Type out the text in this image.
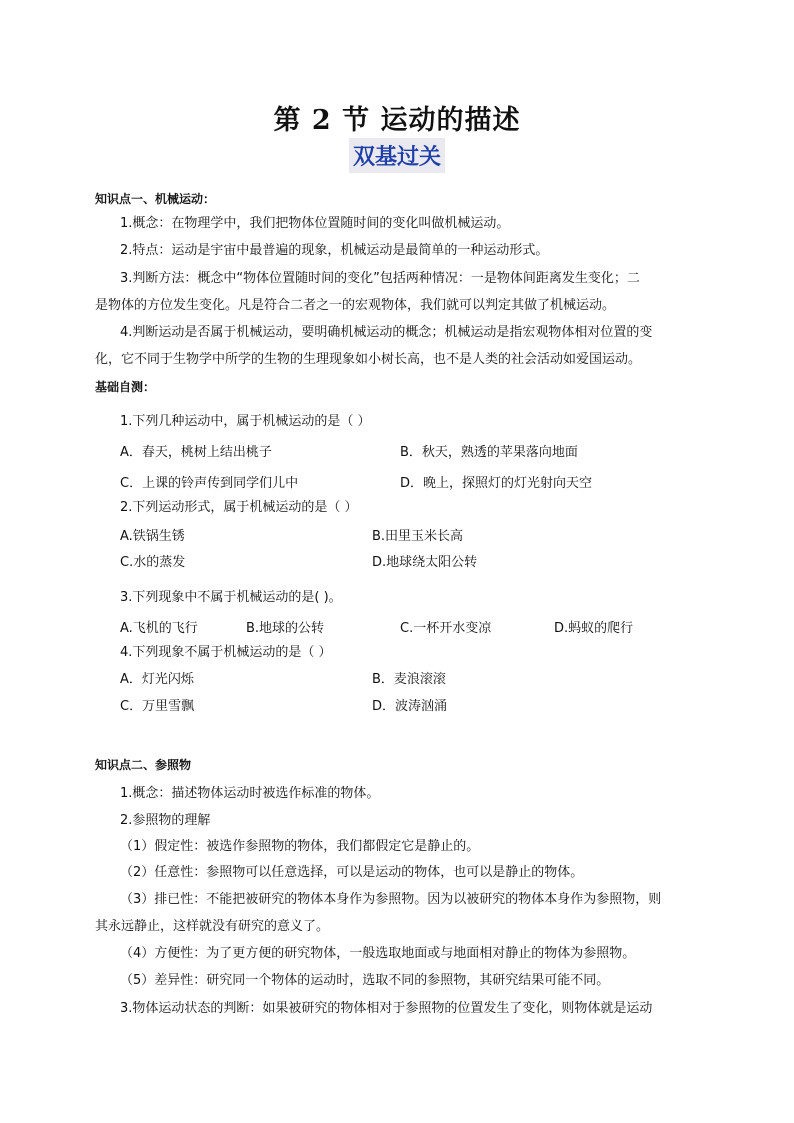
第 2 节 运动的描述
双基过关
知识点一、机械运动：
1.概念：在物理学中，我们把物体位置随时间的变化叫做机械运动。
2.特点：运动是宇宙中最普遍的现象，机械运动是最简单的一种运动形式。
3.判断方法：概念中“物体位置随时间的变化”包括两种情况：一是物体间距离发生变化；二
是物体的方位发生变化。凡是符合二者之一的宏观物体，我们就可以判定其做了机械运动。
4.判断运动是否属于机械运动，要明确机械运动的概念；机械运动是指宏观物体相对位置的变
化，它不同于生物学中所学的生物的生理现象如小树长高，也不是人类的社会活动如爱国运动。
基础自测：
1.下列几种运动中，属于机械运动的是（ ）
A．春天，桃树上结出桃子	B．秋天，熟透的苹果落向地面
C．上课的铃声传到同学们儿中	D．晚上，探照灯的灯光射向天空
2.下列运动形式，属于机械运动的是（ ）
A.铁锅生锈	B.田里玉米长高
C.水的蒸发	D.地球绕太阳公转
3.下列现象中不属于机械运动的是( )。
A.飞机的飞行	B.地球的公转	C.一杯开水变凉	D.蚂蚁的爬行
4.下列现象不属于机械运动的是（ ）
A．灯光闪烁	B．麦浪滚滚
C．万里雪飘	D．波涛汹涌
知识点二、参照物
1.概念：描述物体运动时被选作标准的物体。
2.参照物的理解
（1）假定性：被选作参照物的物体，我们都假定它是静止的。
（2）任意性：参照物可以任意选择，可以是运动的物体，也可以是静止的物体。
（3）排已性：不能把被研究的物体本身作为参照物。因为以被研究的物体本身作为参照物，则
其永远静止，这样就没有研究的意义了。
（4）方便性：为了更方便的研究物体，一般选取地面或与地面相对静止的物体为参照物。
（5）差异性：研究同一个物体的运动时，选取不同的参照物，其研究结果可能不同。
3.物体运动状态的判断：如果被研究的物体相对于参照物的位置发生了变化，则物体就是运动
